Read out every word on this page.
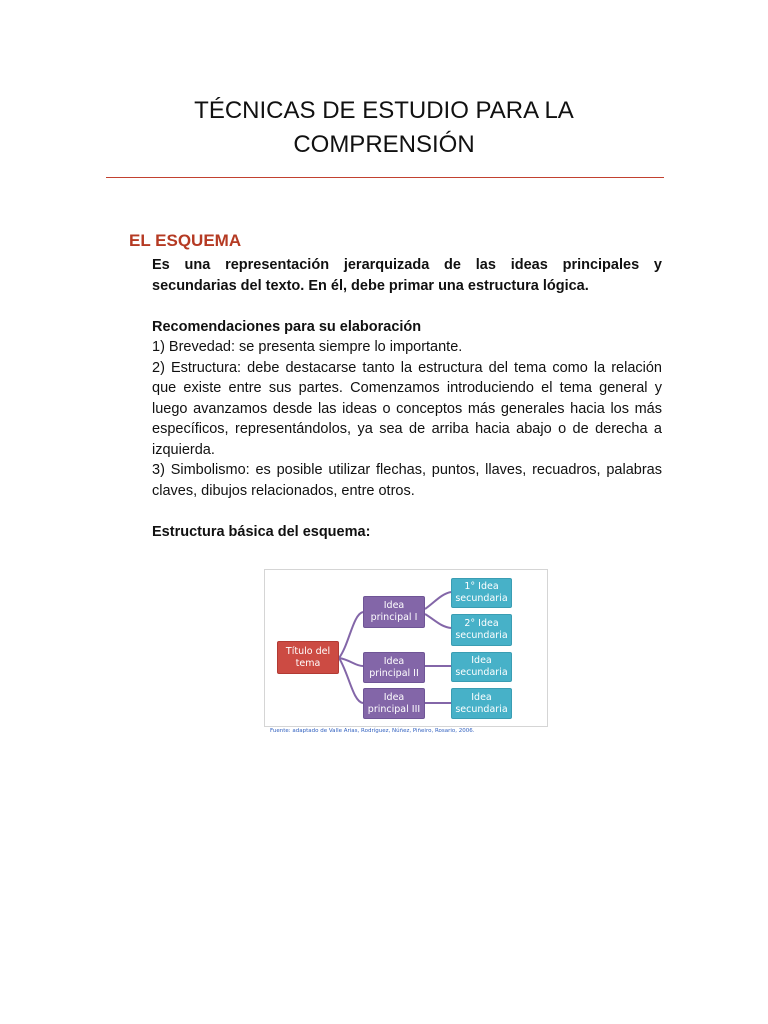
TÉCNICAS DE ESTUDIO PARA LA
COMPRENSIÓN
EL ESQUEMA

Es una representación jerarquizada de las ideas principales y secundarias del texto. En él, debe primar una estructura lógica.

Recomendaciones para su elaboración

1) Brevedad: se presenta siempre lo importante.

2) Estructura: debe destacarse tanto la estructura del tema como la relación que existe entre sus partes. Comenzamos introduciendo el tema general y luego avanzamos desde las ideas o conceptos más generales hacia los más específicos, representándolos, ya sea de arriba hacia abajo o de derecha a izquierda.

3) Simbolismo: es posible utilizar flechas, puntos, llaves, recuadros, palabras claves, dibujos relacionados, entre otros.

Estructura básica del esquema:

Título del
tema
Idea
principal I
Idea
principal II
Idea
principal III
1° Idea
secundaria
2° Idea
secundaria
Idea
secundaria
Idea
secundaria
Fuente: adaptado de Valle Arias, Rodríguez, Núñez, Piñeiro, Rosario, 2006.
